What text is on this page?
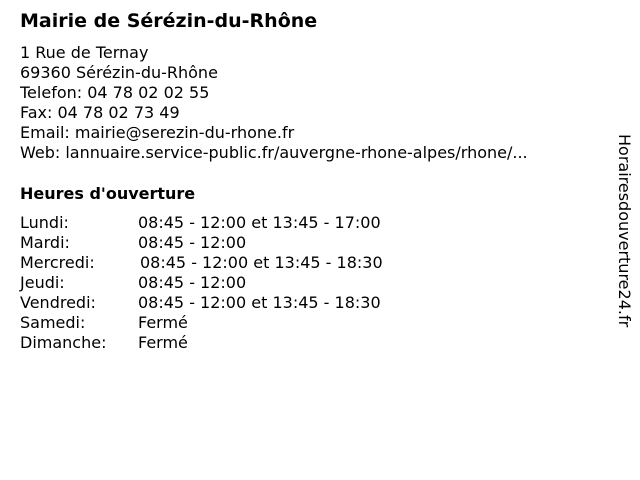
Mairie de Sérézin-du-Rhône
1 Rue de Ternay
69360 Sérézin-du-Rhône
Telefon: 04 78 02 02 55
Fax: 04 78 02 73 49
Email: mairie@serezin-du-rhone.fr
Web: lannuaire.service-public.fr/auvergne-rhone-alpes/rhone/...
Heures d'ouverture
Lundi:	08:45 - 12:00 et 13:45 - 17:00
Mardi:	08:45 - 12:00
Mercredi:	08:45 - 12:00 et 13:45 - 18:30
Jeudi:	08:45 - 12:00
Vendredi:	08:45 - 12:00 et 13:45 - 18:30
Samedi:	Fermé
Dimanche: Fermé
Horairesdouverture24.fr
